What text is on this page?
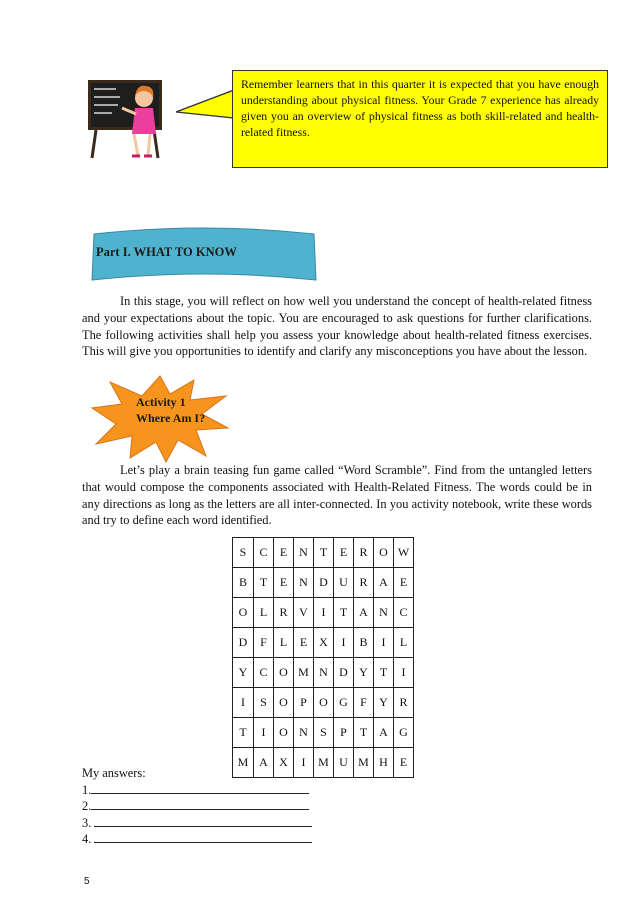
Remember learners that in this quarter it is expected that you have enough understanding about physical fitness. Your Grade 7 experience has already given you an overview of physical fitness as both skill-related and health-related fitness.
Part I. WHAT TO KNOW
In this stage, you will reflect on how well you understand the concept of health-related fitness and your expectations about the topic. You are encouraged to ask questions for further clarifications. The following activities shall help you assess your knowledge about health-related fitness exercises. This will give you opportunities to identify and clarify any misconceptions you have about the lesson.
Activity 1
Where Am I?
Let’s play a brain teasing fun game called “Word Scramble”. Find from the untangled letters that would compose the components associated with Health-Related Fitness. The words could be in any directions as long as the letters are all inter-connected. In you activity notebook, write these words and try to define each word identified.
S	C	E	N	T	E	R	O	W
B	T	E	N	D	U	R	A	E
O	L	R	V	I	T	A	N	C
D	F	L	E	X	I	B	I	L
Y	C	O	M	N	D	Y	T	I
I	S	O	P	O	G	F	Y	R
T	I	O	N	S	P	T	A	G
M	A	X	I	M	U	M	H	E
My answers:
1.
2.
3.
4.
5
